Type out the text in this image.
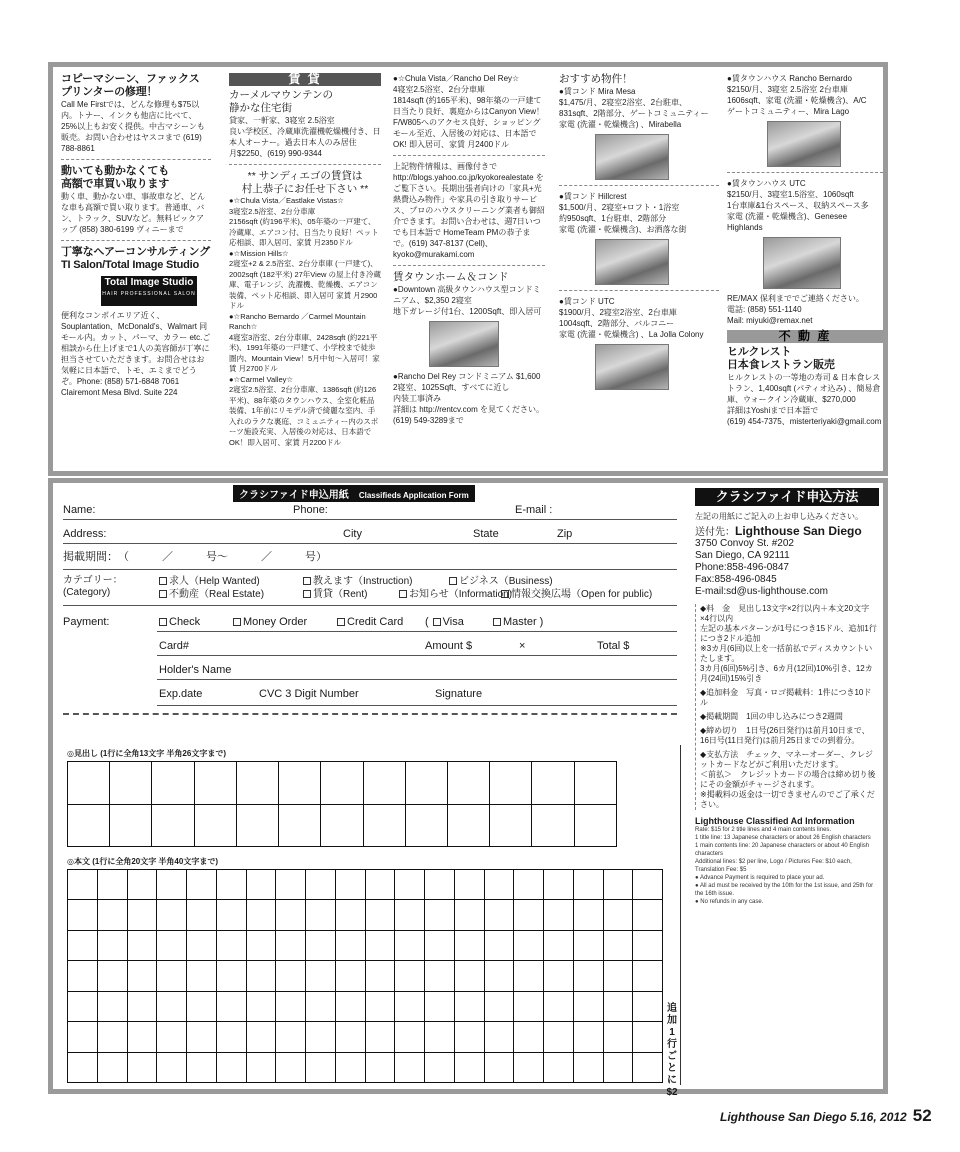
コピーマシーン、ファックス
プリンターの修理！
Call Me Firstでは、どんな修理も$75以内。トナー、インクも他店に比べて、25%以上もお安く提供。中古マシーンも販売。お問い合わせはヤスコまで (619) 788-8861
動いても動かなくても
高額で車買い取ります
動く車、動かない車、事故車など、どんな車も高額で買い取ります。普通車、バン、トラック、SUVなど。無料ピックアップ (858) 380-6199 ヴィニーまで
丁寧なヘアーコンサルティング
TI Salon/Total Image Studio
Total Image Studio
HAIR PROFESSIONAL SALON
便利なコンボイエリア近く、Souplantation、McDonald's、Walmart 同モール内。カット、パーマ、カラー etc.ご相談から仕上げまで1人の美容師が丁寧に担当させていただきます。お問合せはお気軽に日本語で、トモ、エミまでどうぞ。Phone: (858) 571-6848 7061 Clairemont Mesa Blvd. Suite 224
賃 貸
カーメルマウンテンの
静かな住宅街
貸家、一軒家、3寝室 2.5浴室
良い学校区、冷蔵庫洗濯機乾燥機付き、日本人オーナー。過去日本人のみ居住
月$2250、(619) 990-9344
** サンディエゴの賃貸は
村上恭子にお任せ下さい **
●☆Chula Vista／Eastlake Vistas☆
3寝室2.5浴室、2台分車庫
2156sqft (約196平米)、05年築の一戸建て、冷蔵庫、エアコン付、日当たり良好！ペット応相談、即入居可、家賃 月2350ドル
●☆Mission Hills☆
2寝室+2 & 2.5浴室、2台分車庫 (一戸建て)、2002sqft (182平米) 27年View の屋上付き冷蔵庫、電子レンジ、洗濯機、乾燥機、エアコン装備、ペット応相談、即入居可 家賃 月2900ドル
●☆Rancho Bernardo ／Carmel Mountain Ranch☆
4寝室3浴室、2台分車庫、2428sqft (約221平米)、1991年築の一戸建て、小学校まで徒歩圏内、Mountain View！5月中旬～入居可！家賃 月2700ドル
●☆Carmel Valley☆
2寝室2.5浴室、2台分車庫、1386sqft (約126平米)、88年築のタウンハウス、全室化粧品装備、1年前にリモデル済で綺麗な室内、手入れのラクな裏庭、コミュニティー内のスポーツ施設充実、入居後の対応は、日本語でOK！即入居可、家賃 月2200ドル
●☆Chula Vista／Rancho Del Rey☆
4寝室2.5浴室、2台分車庫
1814sqft (約165平米)、98年築の一戸建て日当たり良好、裏庭からはCanyon View！ F/W805へのアクセス良好、ショッピングモール至近、入居後の対応は、日本語でOK! 即入居可、家賃 月2400ドル
上記物件情報は、画像付きで http://blogs.yahoo.co.jp/kyokorealestate をご覧下さい。長期出張者向けの「家具+光熱費込み物件」や家具の引き取りサービス、プロのハウスクリーニング業者も御紹介できます。お問い合わせは、週7日いつでも日本語で HomeTeam PMの恭子まで。(619) 347-8137 (Cell)、kyoko@murakami.com
賃タウンホーム＆コンド
●Downtown 高級タウンハウス型コンドミニアム、$2,350 2寝室
地下ガレージ付1台、1200Sqft、即入居可
●Rancho Del Rey コンドミニアム $1,600
2寝室、1025Sqft、すべてに近し
内装工事済み
詳細は http://rentcv.com を見てください。(619) 549-3289まで
おすすめ物件！
●賃コンド Mira Mesa
$1,475/月、2寝室2浴室、2台駐車、831sqft、2階部分、ゲートコミュニティー
家電 (洗濯・乾燥機含) 、Mirabella
●賃コンド Hillcrest
$1,500/月、2寝室+ロフト・1浴室
約950sqft、1台駐車、2階部分
家電 (洗濯・乾燥機含)、お洒落な街
●賃コンド UTC
$1900/月、2寝室2浴室、2台車庫
1004sqft、2階部分、バルコニー
家電 (洗濯・乾燥機含) 、La Jolla Colony
●賃タウンハウス Rancho Bernardo
$2150/月、3寝室 2.5浴室 2台車庫
1606sqft、家電 (洗濯・乾燥機含)、A/C
ゲートコミュニティー、Mira Lago
●賃タウンハウス UTC
$2150/月、3寝室1.5浴室、1060sqft
1台車庫&1台スペース、収納スペース多
家電 (洗濯・乾燥機含)、Genesee Highlands
RE/MAX 保利まででご連絡ください。
電話: (858) 551-1140
Mail: miyuki@remax.net
不 動 産
ヒルクレスト
日本食レストラン販売
ヒルクレストの一等地の寿司 & 日本食レストラン、1,400sqft (パティオ込み) 、簡易倉庫、ウォークイン冷蔵庫、$270,000
詳細はYoshiまで日本語で
(619) 454-7375、misterteriyaki@gmail.com
クラシファイド申込用紙　 Classifieds Application Form
Name:	Phone:	E-mail :
Address:	City	State	Zip
掲載期間：　（　　　／　　　号～　　　／　　　号）
カテゴリー：
(Category)
求人（Help Wanted)	教えます（Instruction)	ビジネス（Business)
不動産（Real Estate)	賃貸（Rent)	お知らせ（Information)
情報交換広場（Open for public)
Payment:	Check	Money Order	Credit Card ( Visa	Master )
Card#	Amount $	×	Total $
Holder's Name
Exp.date	CVC 3 Digit Number	Signature
◎見出し (1行に全角13文字 半角26文字まで)

◎本文 (1行に全角20文字 半角40文字まで)

追加1行ごとに$2
クラシファイド申込方法
左記の用紙にご記入の上お申し込みください。
送付先：Lighthouse San Diego
3750 Convoy St. #202
San Diego, CA 92111
Phone:858-496-0847
Fax:858-496-0845
E-mail:sd@us-lighthouse.com
◆料　金　見出し13文字×2行以内＋本文20文字×4行以内
左記の基本パターンが1号につき15ドル、追加1行につき2ドル追加
※3カ月(6回)以上を一括前払でディスカウントいたします。
3カ月(6回)5%引き、6カ月(12回)10%引き、12カ月(24回)15%引き
◆追加料金　写真・ロゴ掲載料：1件につき10ドル
◆掲載期間　1回の申し込みにつき2週間
◆締め切り　1日号(26日発行)は前月10日まで、16日号(11日発行)は前月25日までの到着分。
◆支払方法　チェック、マネーオーダー、クレジットカードなどがご利用いただけます。
＜前払＞　クレジットカードの場合は締め切り後にその金額がチャージされます。
※掲載料の返金は一切できませんのでご了承ください。
Lighthouse Classified Ad Information
Rate: $15 for 2 title lines and 4 main contents lines.
1 title line: 13 Japanese characters or about 26 English characters
1 main contents line: 20 Japanese characters or about 40 English characters
Additional lines: $2 per line, Logo / Pictures Fee: $10 each, Translation Fee: $5
● Advance Payment is required to place your ad.
● All ad must be received by the 10th for the 1st issue, and 25th for the 16th issue.
● No refunds in any case.
Lighthouse San Diego 5.16, 2012 52
